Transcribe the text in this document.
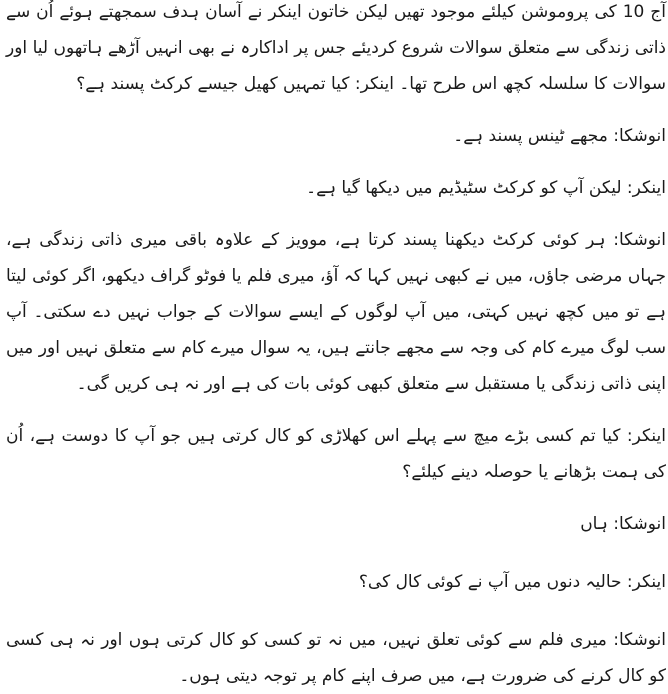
آج 10 کی پروموشن کیلئے موجود تھیں لیکن خاتون اینکر نے آسان ہدف سمجھتے ہوئے اُن سے ذاتی زندگی سے متعلق سوالات شروع کردیئے جس پر اداکارہ نے بھی انہیں آڑھے ہاتھوں لیا اور سوالات کا سلسلہ کچھ اس طرح تھا۔ اینکر: کیا تمہیں کھیل جیسے کرکٹ پسند ہے؟

انوشکا: مجھے ٹینس پسند ہے۔

اینکر: لیکن آپ کو کرکٹ سٹیڈیم میں دیکھا گیا ہے۔

انوشکا: ہر کوئی کرکٹ دیکھنا پسند کرتا ہے، موویز کے علاوہ باقی میری ذاتی زندگی ہے، جہاں مرضی جاؤں، میں نے کبھی نہیں کہا کہ آؤ، میری فلم یا فوٹو گراف دیکھو، اگر کوئی لیتا ہے تو میں کچھ نہیں کہتی، میں آپ لوگوں کے ایسے سوالات کے جواب نہیں دے سکتی۔ آپ سب لوگ میرے کام کی وجہ سے مجھے جانتے ہیں، یہ سوال میرے کام سے متعلق نہیں اور میں اپنی ذاتی زندگی یا مستقبل سے متعلق کبھی کوئی بات کی ہے اور نہ ہی کریں گی۔

اینکر: کیا تم کسی بڑے میچ سے پہلے اس کھلاڑی کو کال کرتی ہیں جو آپ کا دوست ہے، اُن کی ہمت بڑھانے یا حوصلہ دینے کیلئے؟

انوشکا: ہاں

اینکر: حالیہ دنوں میں آپ نے کوئی کال کی؟

انوشکا: میری فلم سے کوئی تعلق نہیں، میں نہ تو کسی کو کال کرتی ہوں اور نہ ہی کسی کو کال کرنے کی ضرورت ہے، میں صرف اپنے کام پر توجہ دیتی ہوں۔
